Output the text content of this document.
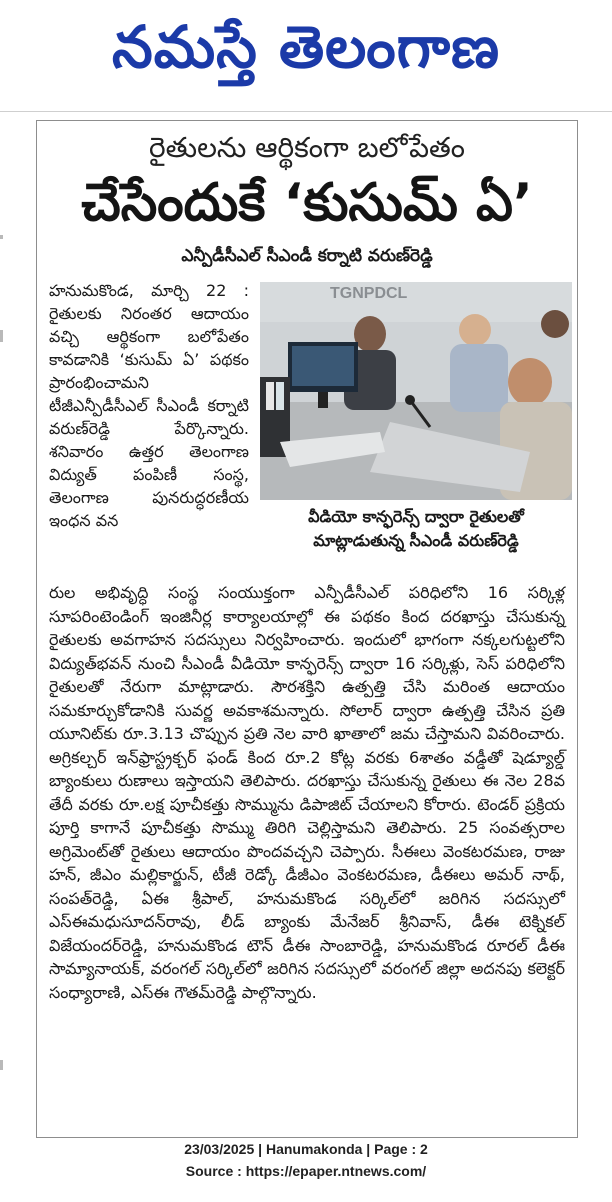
నమస్తే తెలంగాణ
రైతులను ఆర్థికంగా బలోపేతం
చేసేందుకే ‘కుసుమ్ ఏ’
ఎన్పీడీసీఎల్ సీఎండీ కర్నాటి వరుణ్‌రెడ్డి
హనుమకొండ, మార్చి 22 : రైతులకు నిరంతర ఆదాయం వచ్చి ఆర్థికంగా బలోపేతం కావడానికి ‘కుసుమ్ ఏ’ పథకం ప్రారంభించామని టీజీఎన్పీడీసీఎల్ సీఎండీ కర్నాటి వరుణ్‌రెడ్డి పేర్కొన్నారు. శనివారం ఉత్తర తెలంగాణ విద్యుత్ పంపిణీ సంస్థ, తెలంగాణ పునరుద్ధరణీయ ఇంధన వన
TGNPDCL
వీడియో కాన్ఫరెన్స్ ద్వారా రైతులతో మాట్లాడుతున్న సీఎండీ వరుణ్‌రెడ్డి
రుల అభివృద్ధి సంస్థ సంయుక్తంగా ఎన్పీడీసీఎల్ పరిధిలోని 16 సర్కిళ్ల సూపరింటెండింగ్ ఇంజినీర్ల కార్యాలయాల్లో ఈ పథకం కింద దరఖాస్తు చేసుకున్న రైతులకు అవగాహన సదస్సులు నిర్వహించారు. ఇందులో భాగంగా నక్కలగుట్టలోని విద్యుత్‌భవన్ నుంచి సీఎండీ వీడియో కాన్ఫరెన్స్ ద్వారా 16 సర్కిళ్లు, సెస్ పరిధిలోని రైతులతో నేరుగా మాట్లాడారు. సౌరశక్తిని ఉత్పత్తి చేసి మరింత ఆదాయం సమకూర్చుకోడానికి సువర్ణ అవకాశమన్నారు. సోలార్ ద్వారా ఉత్పత్తి చేసిన ప్రతి యూనిట్‌కు రూ.3.13 చొప్పున ప్రతి నెల వారి ఖాతాలో జమ చేస్తామని వివరించారు. అగ్రికల్చర్ ఇన్‌ఫ్రాస్ట్రక్చర్ ఫండ్ కింద రూ.2 కోట్ల వరకు 6శాతం వడ్డీతో షెడ్యూల్డ్ బ్యాంకులు రుణాలు ఇస్తాయని తెలిపారు. దరఖాస్తు చేసుకున్న రైతులు ఈ నెల 28వ తేదీ వరకు రూ.లక్ష పూచీకత్తు సొమ్మును డిపాజిట్ చేయాలని కోరారు. టెండర్ ప్రక్రియ పూర్తి కాగానే పూచీకత్తు సొమ్ము తిరిగి చెల్లిస్తామని తెలిపారు. 25 సంవత్సరాల అగ్రిమెంట్‌తో రైతులు ఆదాయం పొందవచ్చని చెప్పారు. సీఈలు వెంకటరమణ, రాజు హన్, జీఎం మల్లికార్జున్, టీజీ రెడ్కో డీజీఎం వెంకటరమణ, డీఈలు అమర్ నాథ్, సంపత్‌రెడ్డి, ఏఈ శ్రీపాల్, హనుమకొండ సర్కిల్‌లో జరిగిన సదస్సులో ఎస్ఈమధుసూదన్‌రావు, లీడ్ బ్యాంకు మేనేజర్ శ్రీనివాస్, డీఈ టెక్నికల్ విజేయందర్‌రెడ్డి, హనుమకొండ టౌన్ డీఈ సాంబారెడ్డి, హనుమకొండ రూరల్ డీఈ సామ్యానాయక్, వరంగల్ సర్కిల్‌లో జరిగిన సదస్సులో వరంగల్ జిల్లా అదనపు కలెక్టర్ సంధ్యారాణి, ఎస్ఈ గౌతమ్‌రెడ్డి పాల్గొన్నారు.
23/03/2025 | Hanumakonda | Page : 2
Source : https://epaper.ntnews.com/
